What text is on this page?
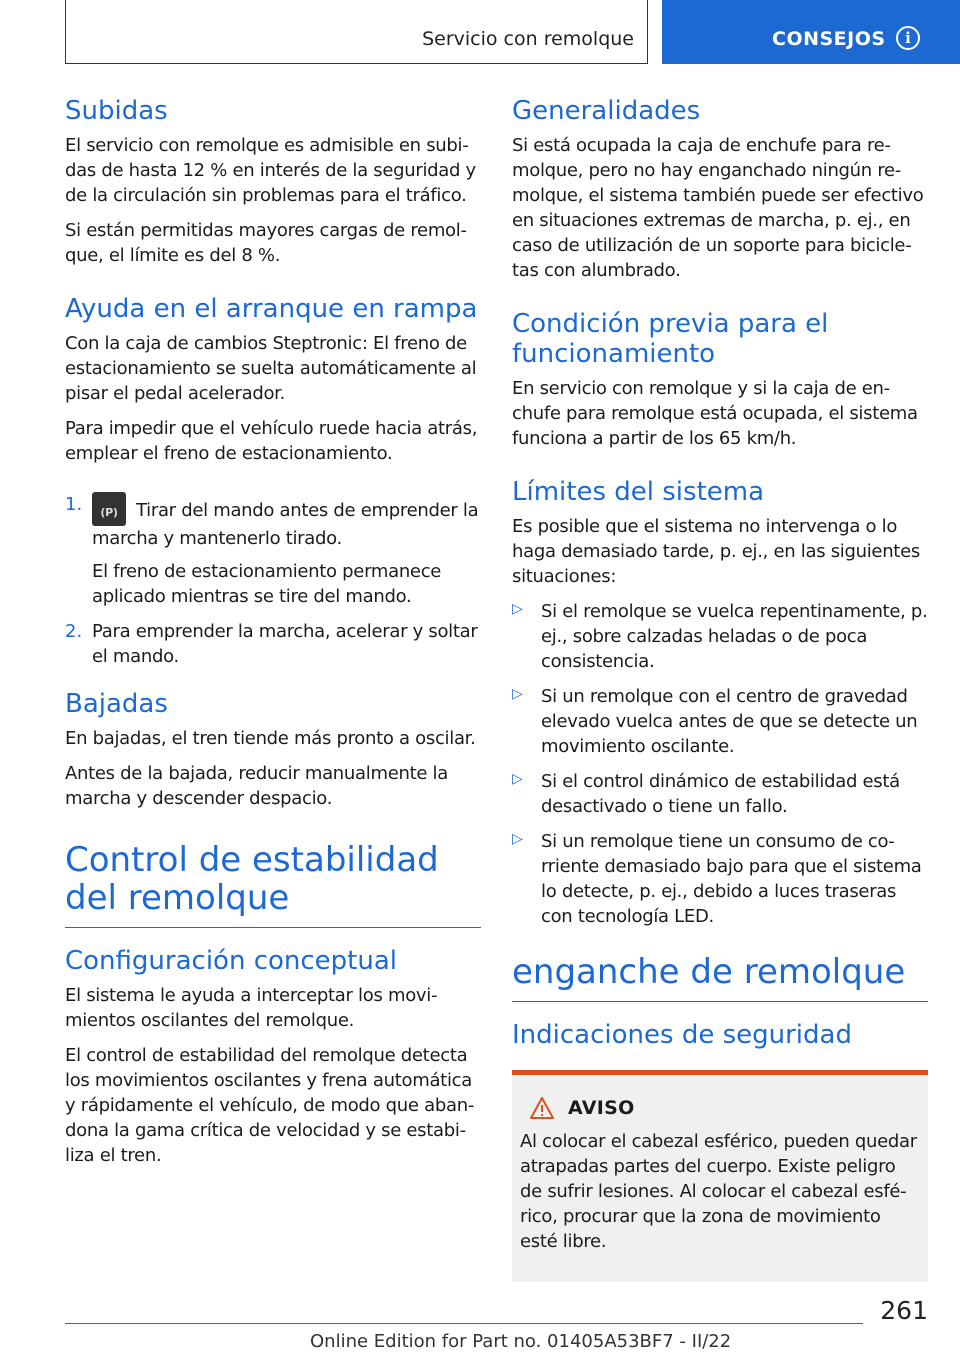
Servicio con remolque	CONSEJOS	i
Subidas

El servicio con remolque es admisible en subidas de hasta 12 % en interés de la seguridad y de la circulación sin problemas para el tráfico.

Si están permitidas mayores cargas de remolque, el límite es del 8 %.

Ayuda en el arranque en rampa

Con la caja de cambios Steptronic: El freno de estacionamiento se suelta automáticamente al pisar el pedal acelerador.

Para impedir que el vehículo ruede hacia atrás, emplear el freno de estacionamiento.

1.

(P)	Tirar del mando antes de emprender la marcha y mantenerlo tirado.

El freno de estacionamiento permanece aplicado mientras se tire del mando.

2. Para emprender la marcha, acelerar y soltar el mando.

Bajadas

En bajadas, el tren tiende más pronto a oscilar.

Antes de la bajada, reducir manualmente la marcha y descender despacio.

Control de estabilidad del remolque
Configuración conceptual

El sistema le ayuda a interceptar los movimientos oscilantes del remolque.

El control de estabilidad del remolque detecta los movimientos oscilantes y frena automática y rápidamente el vehículo, de modo que abandona la gama crítica de velocidad y se estabiliza el tren.

Generalidades

Si está ocupada la caja de enchufe para remolque, pero no hay enganchado ningún remolque, el sistema también puede ser efectivo en situaciones extremas de marcha, p. ej., en caso de utilización de un soporte para bicicletas con alumbrado.

Condición previa para el funcionamiento

En servicio con remolque y si la caja de enchufe para remolque está ocupada, el sistema funciona a partir de los 65 km/h.

Límites del sistema

Es posible que el sistema no intervenga o lo haga demasiado tarde, p. ej., en las siguientes situaciones:

▷ Si el remolque se vuelca repentinamente, p. ej., sobre calzadas heladas o de poca consistencia.

▷ Si un remolque con el centro de gravedad elevado vuelca antes de que se detecte un movimiento oscilante.

▷ Si el control dinámico de estabilidad está desactivado o tiene un fallo.

▷ Si un remolque tiene un consumo de corriente demasiado bajo para que el sistema lo detecte, p. ej., debido a luces traseras con tecnología LED.

enganche de remolque
Indicaciones de seguridad
AVISO

Al colocar el cabezal esférico, pueden quedar atrapadas partes del cuerpo. Existe peligro de sufrir lesiones. Al colocar el cabezal esférico, procurar que la zona de movimiento esté libre.

261
Online Edition for Part no. 01405A53BF7 - II/22
